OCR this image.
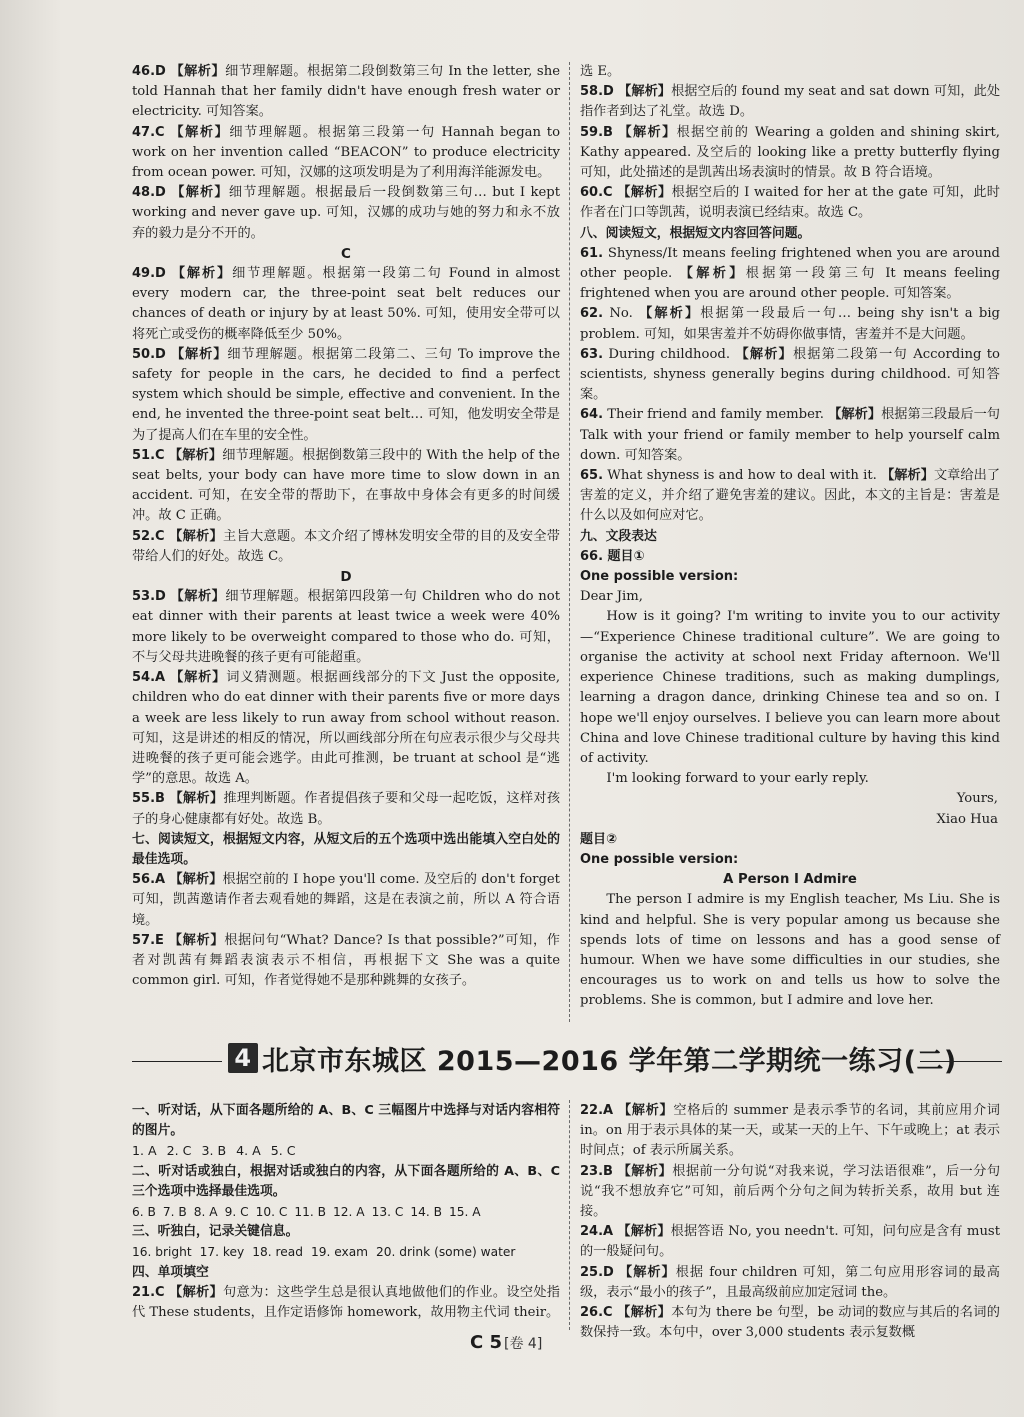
46.D 【解析】细节理解题。根据第二段倒数第三句 In the letter, she told Hannah that her family didn't have enough fresh water or electricity. 可知答案。

47.C 【解析】细节理解题。根据第三段第一句 Hannah began to work on her invention called “BEACON” to produce electricity from ocean power. 可知，汉娜的这项发明是为了利用海洋能源发电。

48.D 【解析】细节理解题。根据最后一段倒数第三句… but I kept working and never gave up. 可知，汉娜的成功与她的努力和永不放弃的毅力是分不开的。

C

49.D 【解析】细节理解题。根据第一段第二句 Found in almost every modern car, the three-point seat belt reduces our chances of death or injury by at least 50%. 可知，使用安全带可以将死亡或受伤的概率降低至少 50%。

50.D 【解析】细节理解题。根据第二段第二、三句 To improve the safety for people in the cars, he decided to find a perfect system which should be simple, effective and convenient. In the end, he invented the three-point seat belt… 可知，他发明安全带是为了提高人们在车里的安全性。

51.C 【解析】细节理解题。根据倒数第三段中的 With the help of the seat belts, your body can have more time to slow down in an accident. 可知，在安全带的帮助下，在事故中身体会有更多的时间缓冲。故 C 正确。

52.C 【解析】主旨大意题。本文介绍了博林发明安全带的目的及安全带带给人们的好处。故选 C。

D

53.D 【解析】细节理解题。根据第四段第一句 Children who do not eat dinner with their parents at least twice a week were 40% more likely to be overweight compared to those who do. 可知，不与父母共进晚餐的孩子更有可能超重。

54.A 【解析】词义猜测题。根据画线部分的下文 Just the opposite, children who do eat dinner with their parents five or more days a week are less likely to run away from school without reason. 可知，这是讲述的相反的情况，所以画线部分所在句应表示很少与父母共进晚餐的孩子更可能会逃学。由此可推测，be truant at school 是“逃学”的意思。故选 A。

55.B 【解析】推理判断题。作者提倡孩子要和父母一起吃饭，这样对孩子的身心健康都有好处。故选 B。

七、阅读短文，根据短文内容，从短文后的五个选项中选出能填入空白处的最佳选项。

56.A 【解析】根据空前的 I hope you'll come. 及空后的 don't forget可知，凯茜邀请作者去观看她的舞蹈，这是在表演之前，所以 A 符合语境。

57.E 【解析】根据问句“What? Dance? Is that possible?”可知，作者对凯茜有舞蹈表演表示不相信，再根据下文 She was a quite common girl. 可知，作者觉得她不是那种跳舞的女孩子。

选 E。

58.D 【解析】根据空后的 found my seat and sat down 可知，此处指作者到达了礼堂。故选 D。

59.B 【解析】根据空前的 Wearing a golden and shining skirt, Kathy appeared. 及空后的 looking like a pretty butterfly flying 可知，此处描述的是凯茜出场表演时的情景。故 B 符合语境。

60.C 【解析】根据空后的 I waited for her at the gate 可知，此时作者在门口等凯茜，说明表演已经结束。故选 C。

八、阅读短文，根据短文内容回答问题。

61. Shyness/It means feeling frightened when you are around other people. 【解析】根据第一段第三句 It means feeling frightened when you are around other people. 可知答案。

62. No. 【解析】根据第一段最后一句… being shy isn't a big problem. 可知，如果害羞并不妨碍你做事情，害羞并不是大问题。

63. During childhood. 【解析】根据第二段第一句 According to scientists, shyness generally begins during childhood. 可知答案。

64. Their friend and family member. 【解析】根据第三段最后一句 Talk with your friend or family member to help yourself calm down. 可知答案。

65. What shyness is and how to deal with it. 【解析】文章给出了害羞的定义，并介绍了避免害羞的建议。因此，本文的主旨是：害羞是什么以及如何应对它。

九、文段表达

66. 题目①

One possible version:

Dear Jim,

How is it going? I'm writing to invite you to our activity—“Experience Chinese traditional culture”. We are going to organise the activity at school next Friday afternoon. We'll experience Chinese traditions, such as making dumplings, learning a dragon dance, drinking Chinese tea and so on. I hope we'll enjoy ourselves. I believe you can learn more about China and love Chinese traditional culture by having this kind of activity.

I'm looking forward to your early reply.

Yours,

Xiao Hua

题目②

One possible version:

A Person I Admire

The person I admire is my English teacher, Ms Liu. She is kind and helpful. She is very popular among us because she spends lots of time on lessons and has a good sense of humour. When we have some difficulties in our studies, she encourages us to work on and tells us how to solve the problems. She is common, but I admire and love her.

4 北京市东城区 2015—2016 学年第二学期统一练习(二)

一、听对话，从下面各题所给的 A、B、C 三幅图片中选择与对话内容相符的图片。

1. A 2. C 3. B 4. A 5. C

二、听对话或独白，根据对话或独白的内容，从下面各题所给的 A、B、C 三个选项中选择最佳选项。

6. B 7. B 8. A 9. C 10. C 11. B 12. A 13. C 14. B 15. A

三、听独白，记录关键信息。

16. bright 17. key 18. read 19. exam 20. drink (some) water

四、单项填空

21.C 【解析】句意为：这些学生总是很认真地做他们的作业。设空处指代 These students，且作定语修饰 homework，故用物主代词 their。

22.A 【解析】空格后的 summer 是表示季节的名词，其前应用介词 in。on 用于表示具体的某一天，或某一天的上午、下午或晚上；at 表示时间点；of 表示所属关系。

23.B 【解析】根据前一分句说“对我来说，学习法语很难”，后一分句说“我不想放弃它”可知，前后两个分句之间为转折关系，故用 but 连接。

24.A 【解析】根据答语 No, you needn't. 可知，问句应是含有 must 的一般疑问句。

25.D 【解析】根据 four children 可知，第二句应用形容词的最高级，表示“最小的孩子”，且最高级前应加定冠词 the。

26.C 【解析】本句为 there be 句型，be 动词的数应与其后的名词的数保持一致。本句中，over 3,000 students 表示复数概

C 5 [卷 4]
